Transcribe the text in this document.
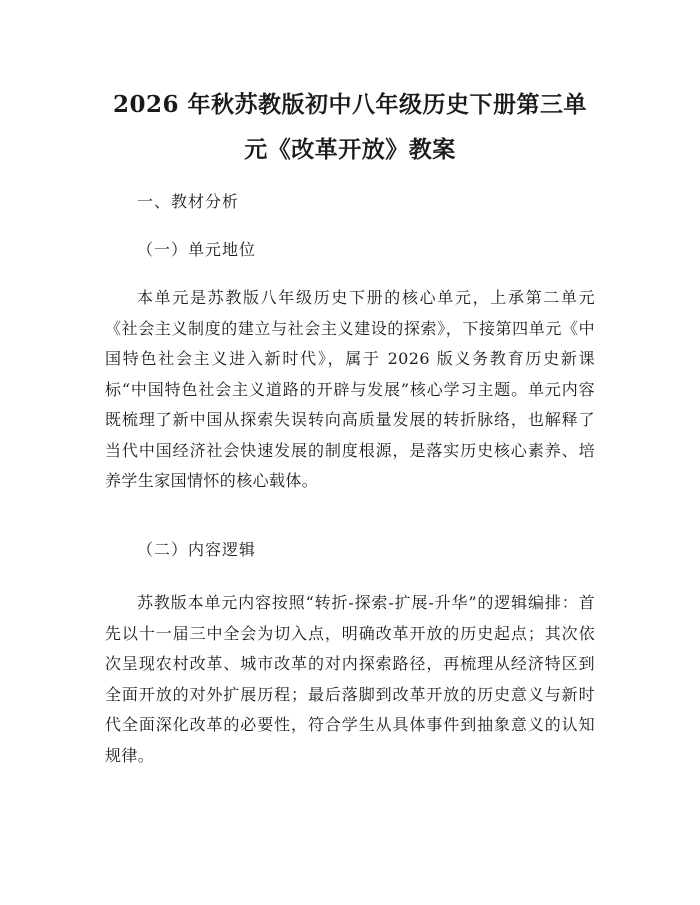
2026 年秋苏教版初中八年级历史下册第三单
元《改革开放》教案
一、教材分析
（一）单元地位
本单元是苏教版八年级历史下册的核心单元，上承第二单元《社会主义制度的建立与社会主义建设的探索》，下接第四单元《中国特色社会主义进入新时代》，属于 2026 版义务教育历史新课标“中国特色社会主义道路的开辟与发展”核心学习主题。单元内容既梳理了新中国从探索失误转向高质量发展的转折脉络，也解释了当代中国经济社会快速发展的制度根源，是落实历史核心素养、培养学生家国情怀的核心载体。
（二）内容逻辑
苏教版本单元内容按照“转折-探索-扩展-升华”的逻辑编排：首先以十一届三中全会为切入点，明确改革开放的历史起点；其次依次呈现农村改革、城市改革的对内探索路径，再梳理从经济特区到全面开放的对外扩展历程；最后落脚到改革开放的历史意义与新时代全面深化改革的必要性，符合学生从具体事件到抽象意义的认知规律。
